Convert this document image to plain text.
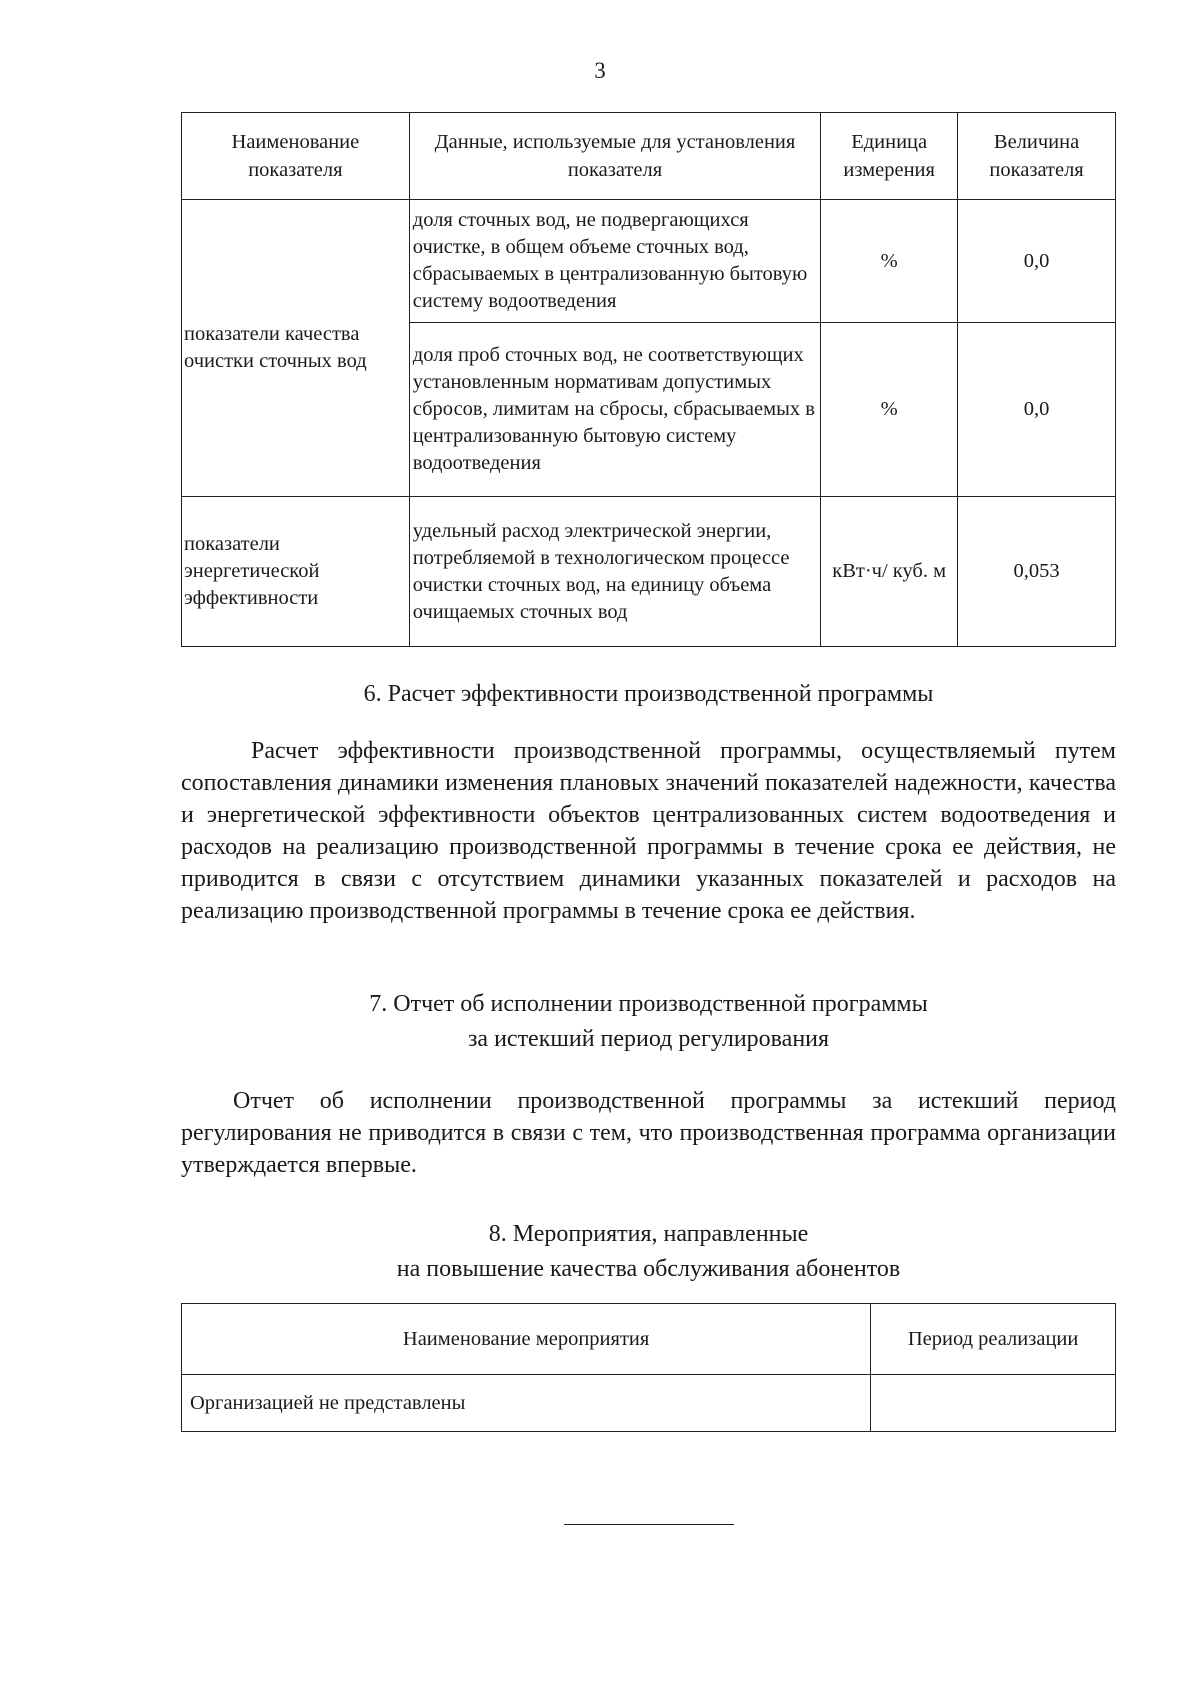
3
Наименование показателя	Данные, используемые для установления показателя	Единица измерения	Величина показателя
показатели качества очистки сточных вод	доля сточных вод, не подвергающихся очистке, в общем объеме сточных вод, сбрасываемых в централизованную бытовую систему водоотведения	%	0,0
	доля проб сточных вод, не соответствующих установленным нормативам допустимых сбросов, лимитам на сбросы, сбрасываемых в централизованную бытовую систему водоотведения	%	0,0
показатели энергетической эффективности	удельный расход электрической энергии, потребляемой в технологическом процессе очистки сточных вод, на единицу объема очищаемых сточных вод	кВт·ч/ куб. м	0,053
6. Расчет эффективности производственной программы
Расчет эффективности производственной программы, осуществляемый путем сопоставления динамики изменения плановых значений показателей надежности, качества и энергетической эффективности объектов централизованных систем водоотведения и расходов на реализацию производственной программы в течение срока ее действия, не приводится в связи с отсутствием динамики указанных показателей и расходов на реализацию производственной программы в течение срока ее действия.
7. Отчет об исполнении производственной программы
за истекший период регулирования
Отчет об исполнении производственной программы за истекший период регулирования не приводится в связи с тем, что производственная программа организации утверждается впервые.
8. Мероприятия, направленные
на повышение качества обслуживания абонентов
Наименование мероприятия	Период реализации
Организацией не представлены	
